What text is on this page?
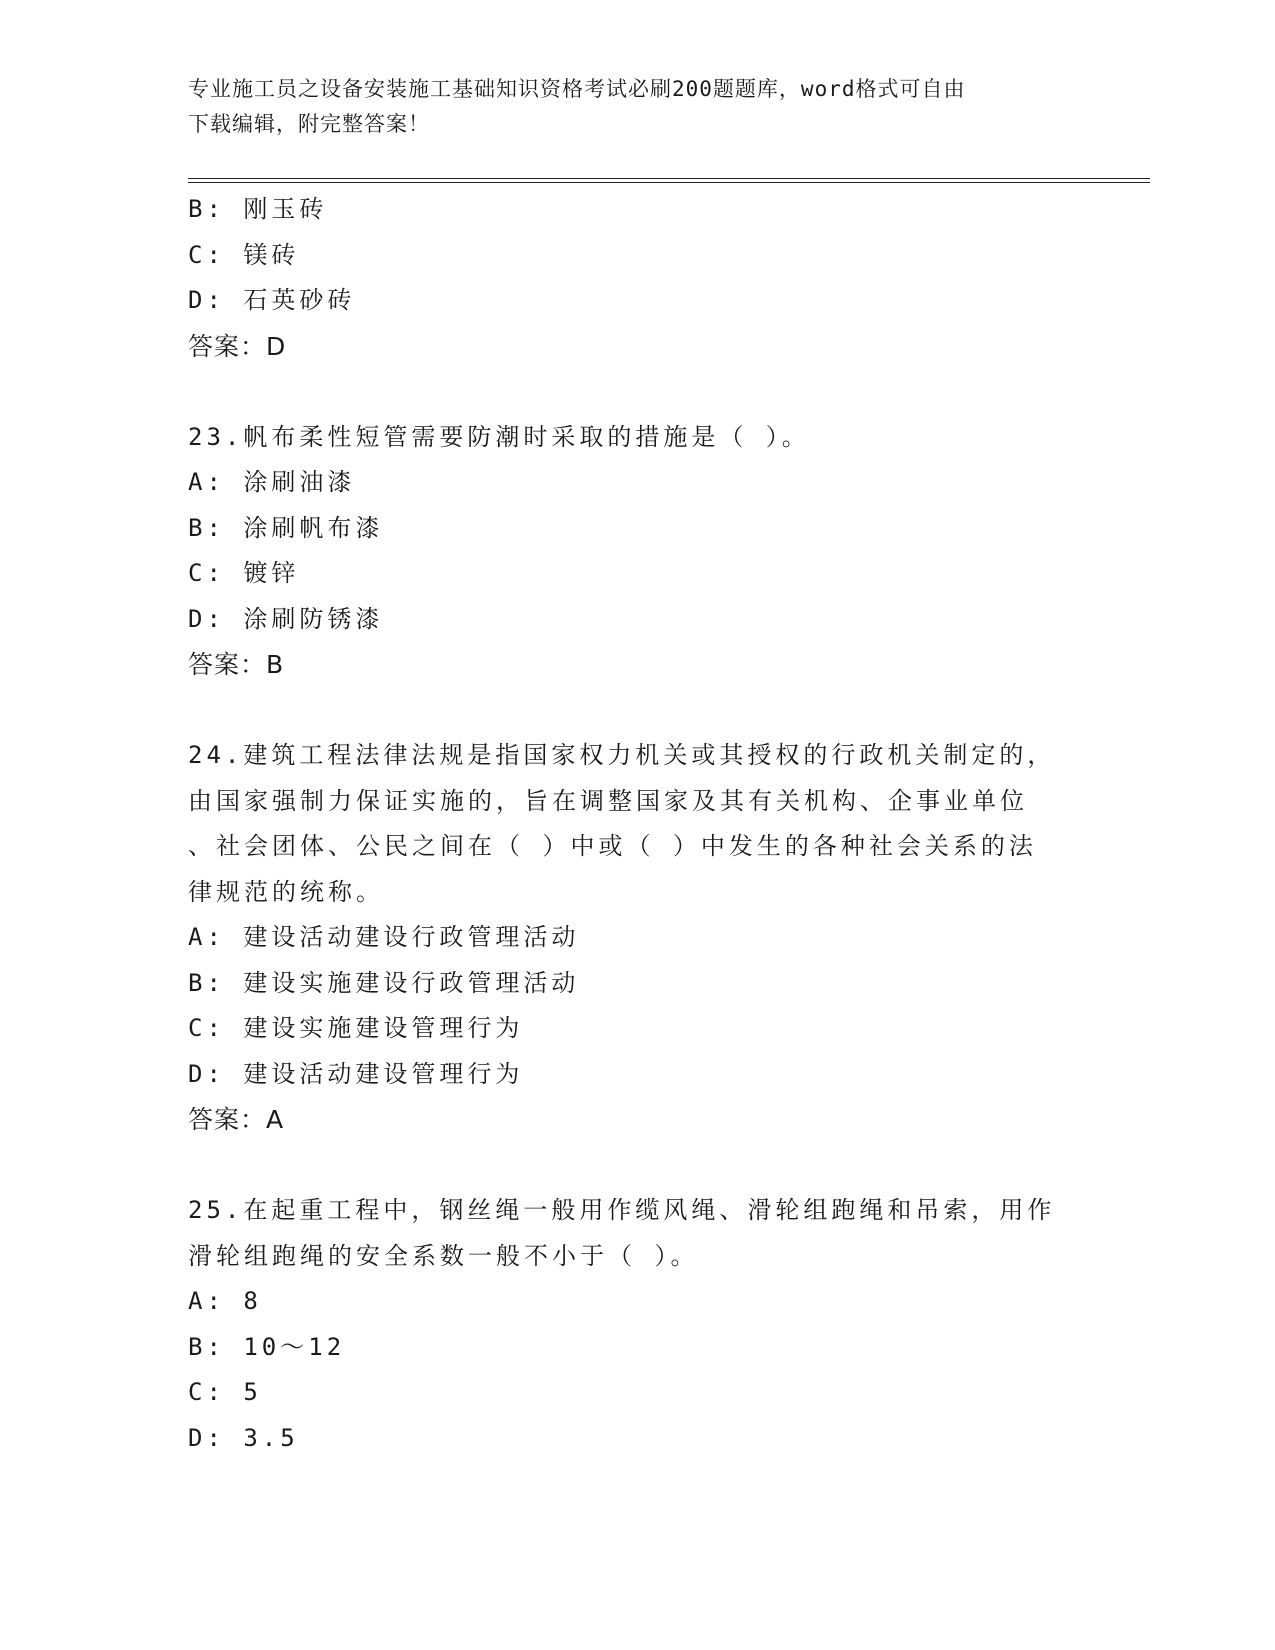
专业施工员之设备安装施工基础知识资格考试必刷200题题库，word格式可自由
下载编辑，附完整答案！
B: 刚玉砖
C: 镁砖
D: 石英砂砖
答案：D
23.帆布柔性短管需要防潮时采取的措施是（ ）。
A: 涂刷油漆
B: 涂刷帆布漆
C: 镀锌
D: 涂刷防锈漆
答案：B
24.建筑工程法律法规是指国家权力机关或其授权的行政机关制定的，
由国家强制力保证实施的，旨在调整国家及其有关机构、企事业单位
、社会团体、公民之间在（ ）中或（ ）中发生的各种社会关系的法
律规范的统称。
A: 建设活动建设行政管理活动
B: 建设实施建设行政管理活动
C: 建设实施建设管理行为
D: 建设活动建设管理行为
答案：A
25.在起重工程中，钢丝绳一般用作缆风绳、滑轮组跑绳和吊索，用作
滑轮组跑绳的安全系数一般不小于（ ）。
A: 8
B: 10～12
C: 5
D: 3.5
